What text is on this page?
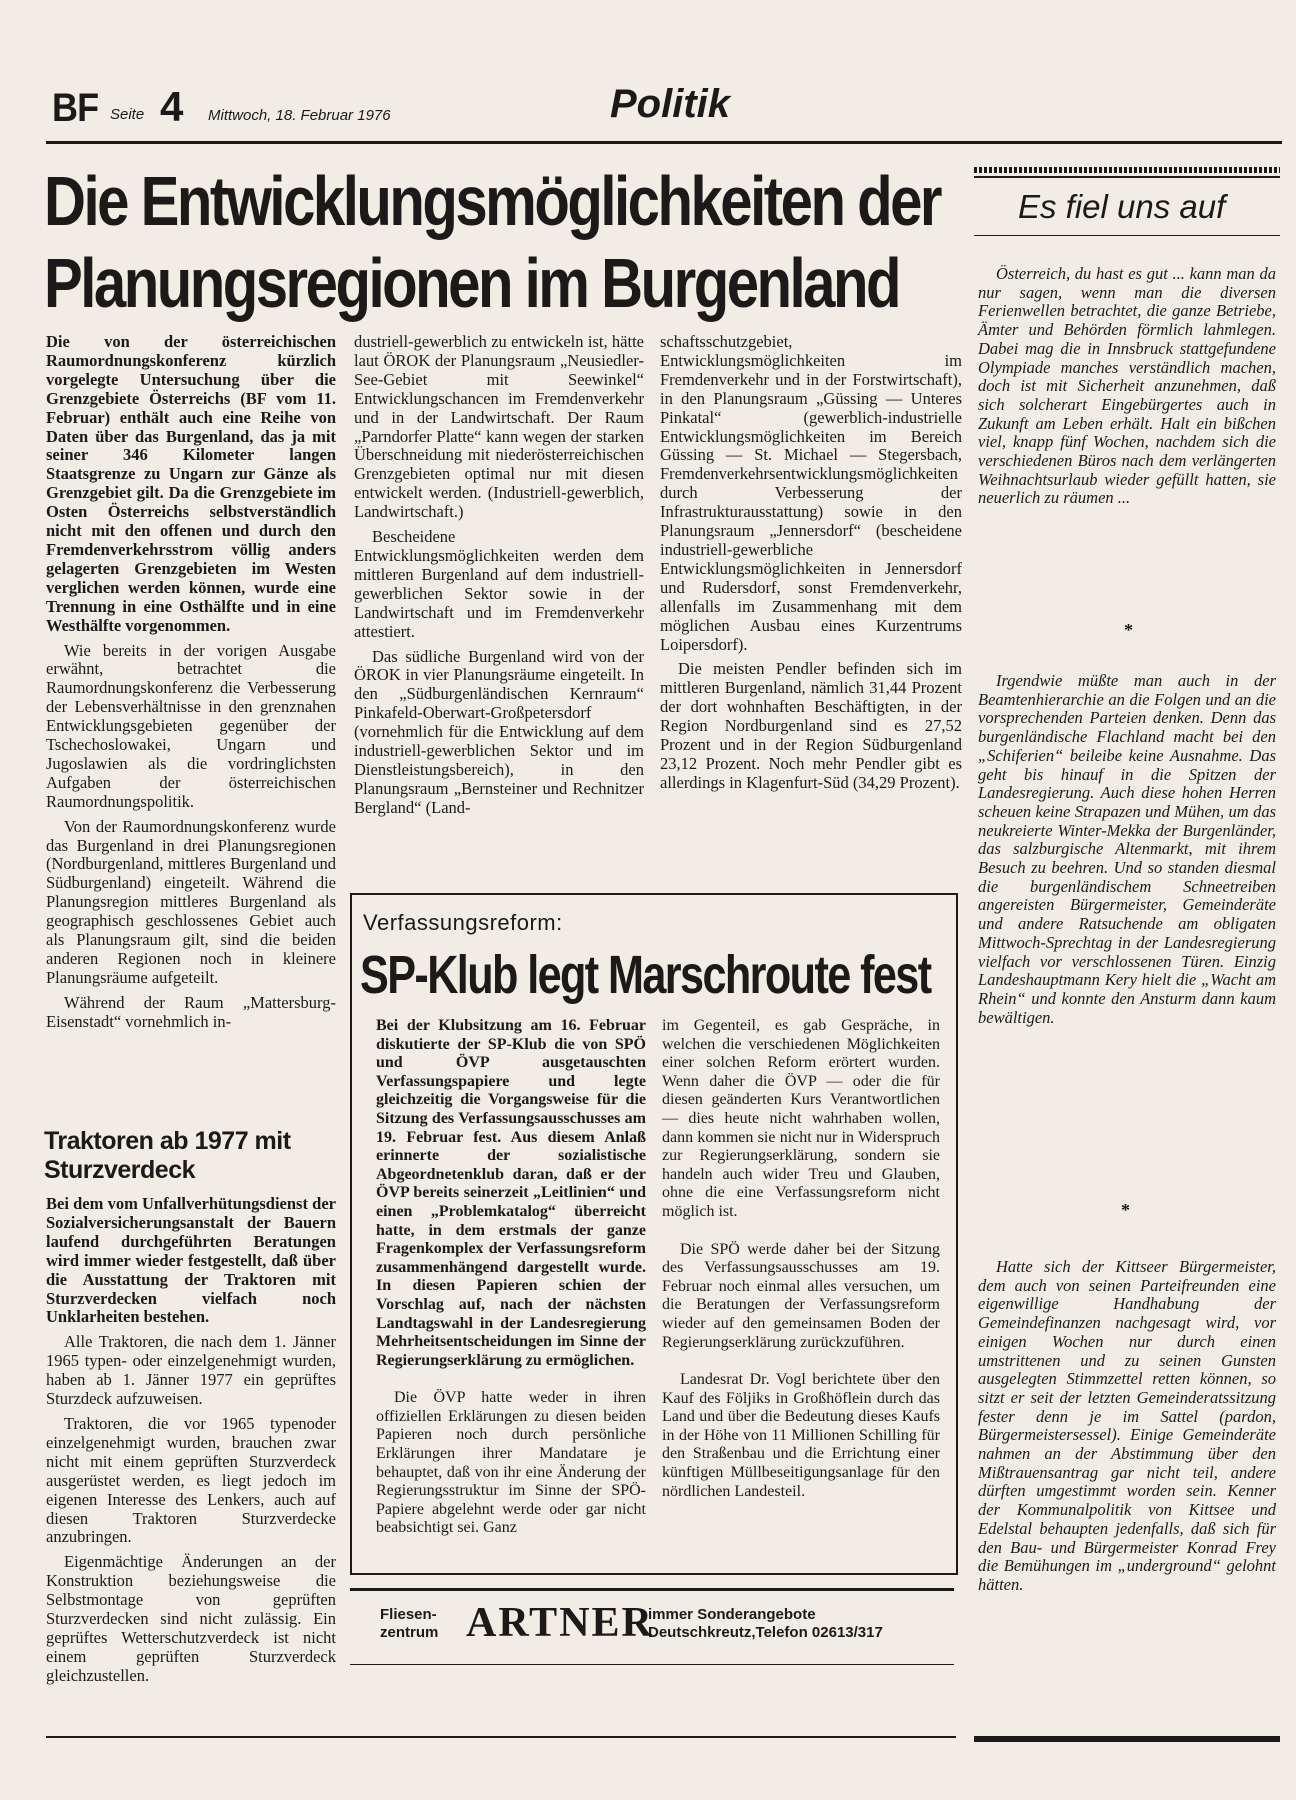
BF Seite 4 Mittwoch, 18. Februar 1976	Politik
Die Entwicklungsmöglichkeiten der
Planungsregionen im Burgenland

Die von der österreichischen Raumordnungskonferenz kürzlich vorgelegte Untersuchung über die Grenzgebiete Österreichs (BF vom 11. Februar) enthält auch eine Reihe von Daten über das Burgenland, das ja mit seiner 346 Kilometer langen Staatsgrenze zu Ungarn zur Gänze als Grenzgebiet gilt. Da die Grenzgebiete im Osten Österreichs selbstverständlich nicht mit den offenen und durch den Fremdenverkehrsstrom völlig anders gelagerten Grenzgebieten im Westen verglichen werden können, wurde eine Trennung in eine Osthälfte und in eine Westhälfte vorgenommen.

Wie bereits in der vorigen Ausgabe erwähnt, betrachtet die Raumordnungskonferenz die Verbesserung der Lebensverhältnisse in den grenznahen Entwicklungsgebieten gegenüber der Tschechoslowakei, Ungarn und Jugoslawien als die vordringlichsten Aufgaben der österreichischen Raumordnungspolitik.

Von der Raumordnungskonferenz wurde das Burgenland in drei Planungsregionen (Nordburgenland, mittleres Burgenland und Südburgenland) eingeteilt. Während die Planungsregion mittleres Burgenland als geographisch geschlossenes Gebiet auch als Planungsraum gilt, sind die beiden anderen Regionen noch in kleinere Planungsräume aufgeteilt.

Während der Raum „Mattersburg-Eisenstadt“ vornehmlich in-

dustriell-gewerblich zu entwickeln ist, hätte laut ÖROK der Planungsraum „Neusiedler-See-Gebiet mit Seewinkel“ Entwicklungschancen im Fremdenverkehr und in der Landwirtschaft. Der Raum „Parndorfer Platte“ kann wegen der starken Überschneidung mit niederösterreichischen Grenzgebieten optimal nur mit diesen entwickelt werden. (Industriell-gewerblich, Landwirtschaft.)

Bescheidene Entwicklungsmöglichkeiten werden dem mittleren Burgenland auf dem industriell-gewerblichen Sektor sowie in der Landwirtschaft und im Fremdenverkehr attestiert.

Das südliche Burgenland wird von der ÖROK in vier Planungsräume eingeteilt. In den „Südburgenländischen Kernraum“ Pinkafeld-Oberwart-Großpetersdorf (vornehmlich für die Entwicklung auf dem industriell-gewerblichen Sektor und im Dienstleistungsbereich), in den Planungsraum „Bernsteiner und Rechnitzer Bergland“ (Land-

schaftsschutzgebiet, Entwicklungsmöglichkeiten im Fremdenverkehr und in der Forstwirtschaft), in den Planungsraum „Güssing — Unteres Pinkatal“ (gewerblich-industrielle Entwicklungsmöglichkeiten im Bereich Güssing — St. Michael — Stegersbach, Fremdenverkehrsentwicklungsmöglichkeiten durch Verbesserung der Infrastrukturausstattung) sowie in den Planungsraum „Jennersdorf“ (bescheidene industriell-gewerbliche Entwicklungsmöglichkeiten in Jennersdorf und Rudersdorf, sonst Fremdenverkehr, allenfalls im Zusammenhang mit dem möglichen Ausbau eines Kurzentrums Loipersdorf).

Die meisten Pendler befinden sich im mittleren Burgenland, nämlich 31,44 Prozent der dort wohnhaften Beschäftigten, in der Region Nordburgenland sind es 27,52 Prozent und in der Region Südburgenland 23,12 Prozent. Noch mehr Pendler gibt es allerdings in Klagenfurt-Süd (34,29 Prozent).

Traktoren ab 1977 mit Sturzverdeck

Bei dem vom Unfallverhütungsdienst der Sozialversicherungsanstalt der Bauern laufend durchgeführten Beratungen wird immer wieder festgestellt, daß über die Ausstattung der Traktoren mit Sturzverdecken vielfach noch Unklarheiten bestehen.

Alle Traktoren, die nach dem 1. Jänner 1965 typen- oder einzelgenehmigt wurden, haben ab 1. Jänner 1977 ein geprüftes Sturzdeck aufzuweisen.

Traktoren, die vor 1965 typenoder einzelgenehmigt wurden, brauchen zwar nicht mit einem geprüften Sturzverdeck ausgerüstet werden, es liegt jedoch im eigenen Interesse des Lenkers, auch auf diesen Traktoren Sturzverdecke anzubringen.

Eigenmächtige Änderungen an der Konstruktion beziehungsweise die Selbstmontage von geprüften Sturzverdecken sind nicht zulässig. Ein geprüftes Wetterschutzverdeck ist nicht einem geprüften Sturzverdeck gleichzustellen.

Verfassungsreform:
SP-Klub legt Marschroute fest

Bei der Klubsitzung am 16. Februar diskutierte der SP-Klub die von SPÖ und ÖVP ausgetauschten Verfassungspapiere und legte gleichzeitig die Vorgangsweise für die Sitzung des Verfassungsausschusses am 19. Februar fest. Aus diesem Anlaß erinnerte der sozialistische Abgeordnetenklub daran, daß er der ÖVP bereits seinerzeit „Leitlinien“ und einen „Problemkatalog“ überreicht hatte, in dem erstmals der ganze Fragenkomplex der Verfassungsreform zusammenhängend dargestellt wurde. In diesen Papieren schien der Vorschlag auf, nach der nächsten Landtagswahl in der Landesregierung Mehrheitsentscheidungen im Sinne der Regierungserklärung zu ermöglichen.

Die ÖVP hatte weder in ihren offiziellen Erklärungen zu diesen beiden Papieren noch durch persönliche Erklärungen ihrer Mandatare je behauptet, daß von ihr eine Änderung der Regierungsstruktur im Sinne der SPÖ-Papiere abgelehnt werde oder gar nicht beabsichtigt sei. Ganz

im Gegenteil, es gab Gespräche, in welchen die verschiedenen Möglichkeiten einer solchen Reform erörtert wurden. Wenn daher die ÖVP — oder die für diesen geänderten Kurs Verantwortlichen — dies heute nicht wahrhaben wollen, dann kommen sie nicht nur in Widerspruch zur Regierungserklärung, sondern sie handeln auch wider Treu und Glauben, ohne die eine Verfassungsreform nicht möglich ist.

Die SPÖ werde daher bei der Sitzung des Verfassungsausschusses am 19. Februar noch einmal alles versuchen, um die Beratungen der Verfassungsreform wieder auf den gemeinsamen Boden der Regierungserklärung zurückzuführen.

Landesrat Dr. Vogl berichtete über den Kauf des Följiks in Großhöflein durch das Land und über die Bedeutung dieses Kaufs in der Höhe von 11 Millionen Schilling für den Straßenbau und die Errichtung einer künftigen Müllbeseitigungsanlage für den nördlichen Landesteil.

Fliesen-
zentrum ARTNER
immer Sonderangebote
Deutschkreutz,Telefon 02613/317
Es fiel uns auf

Österreich, du hast es gut ... kann man da nur sagen, wenn man die diversen Ferienwellen betrachtet, die ganze Betriebe, Ämter und Behörden förmlich lahmlegen. Dabei mag die in Innsbruck stattgefundene Olympiade manches verständlich machen, doch ist mit Sicherheit anzunehmen, daß sich solcherart Eingebürgertes auch in Zukunft am Leben erhält. Halt ein bißchen viel, knapp fünf Wochen, nachdem sich die verschiedenen Büros nach dem verlängerten Weihnachtsurlaub wieder gefüllt hatten, sie neuerlich zu räumen ...

*

Irgendwie müßte man auch in der Beamtenhierarchie an die Folgen und an die vorsprechenden Parteien denken. Denn das burgenländische Flachland macht bei den „Schiferien“ beileibe keine Ausnahme. Das geht bis hinauf in die Spitzen der Landesregierung. Auch diese hohen Herren scheuen keine Strapazen und Mühen, um das neukreierte Winter-Mekka der Burgenländer, das salzburgische Altenmarkt, mit ihrem Besuch zu beehren. Und so standen diesmal die burgenländischem Schneetreiben angereisten Bürgermeister, Gemeinderäte und andere Ratsuchende am obligaten Mittwoch-Sprechtag in der Landesregierung vielfach vor verschlossenen Türen. Einzig Landeshauptmann Kery hielt die „Wacht am Rhein“ und konnte den Ansturm dann kaum bewältigen.

*

Hatte sich der Kittseer Bürgermeister, dem auch von seinen Parteifreunden eine eigenwillige Handhabung der Gemeindefinanzen nachgesagt wird, vor einigen Wochen nur durch einen umstrittenen und zu seinen Gunsten ausgelegten Stimmzettel retten können, so sitzt er seit der letzten Gemeinderatssitzung fester denn je im Sattel (pardon, Bürgermeistersessel). Einige Gemeinderäte nahmen an der Abstimmung über den Mißtrauensantrag gar nicht teil, andere dürften umgestimmt worden sein. Kenner der Kommunalpolitik von Kittsee und Edelstal behaupten jedenfalls, daß sich für den Bau- und Bürgermeister Konrad Frey die Bemühungen im „underground“ gelohnt hätten.
